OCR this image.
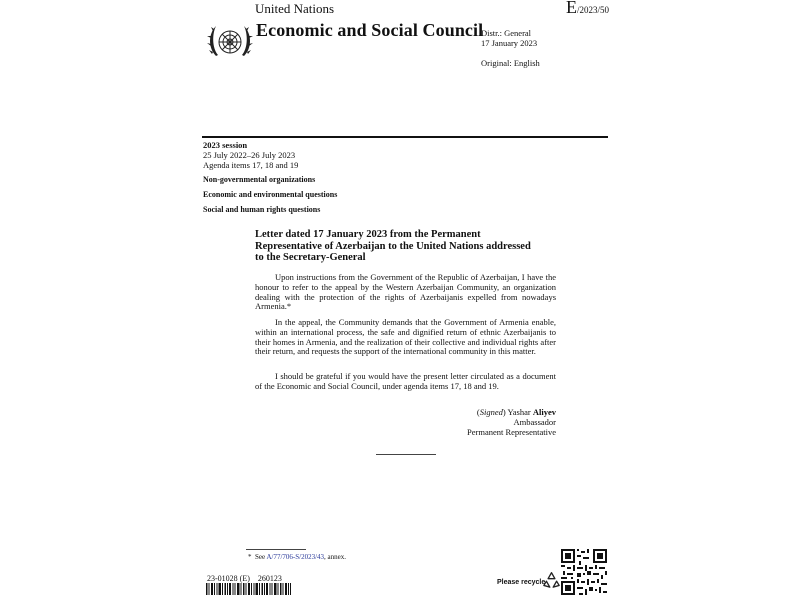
United Nations	E/2023/50
Economic and Social Council
Distr.: General
17 January 2023
Original: English
2023 session
25 July 2022–26 July 2023
Agenda items 17, 18 and 19
Non-governmental organizations
Economic and environmental questions
Social and human rights questions
Letter dated 17 January 2023 from the Permanent
Representative of Azerbaijan to the United Nations addressed
to the Secretary-General

Upon instructions from the Government of the Republic of Azerbaijan, I have the honour to refer to the appeal by the Western Azerbaijan Community, an organization dealing with the protection of the rights of Azerbaijanis expelled from nowadays Armenia.*

In the appeal, the Community demands that the Government of Armenia enable, within an international process, the safe and dignified return of ethnic Azerbaijanis to their homes in Armenia, and the realization of their collective and individual rights after their return, and requests the support of the international community in this matter.

I should be grateful if you would have the present letter circulated as a document of the Economic and Social Council, under agenda items 17, 18 and 19.

(Signed) Yashar Aliyev
Ambassador
Permanent Representative
* See A/77/706-S/2023/43, annex.
23-01028 (E)    260123	Please recycle
